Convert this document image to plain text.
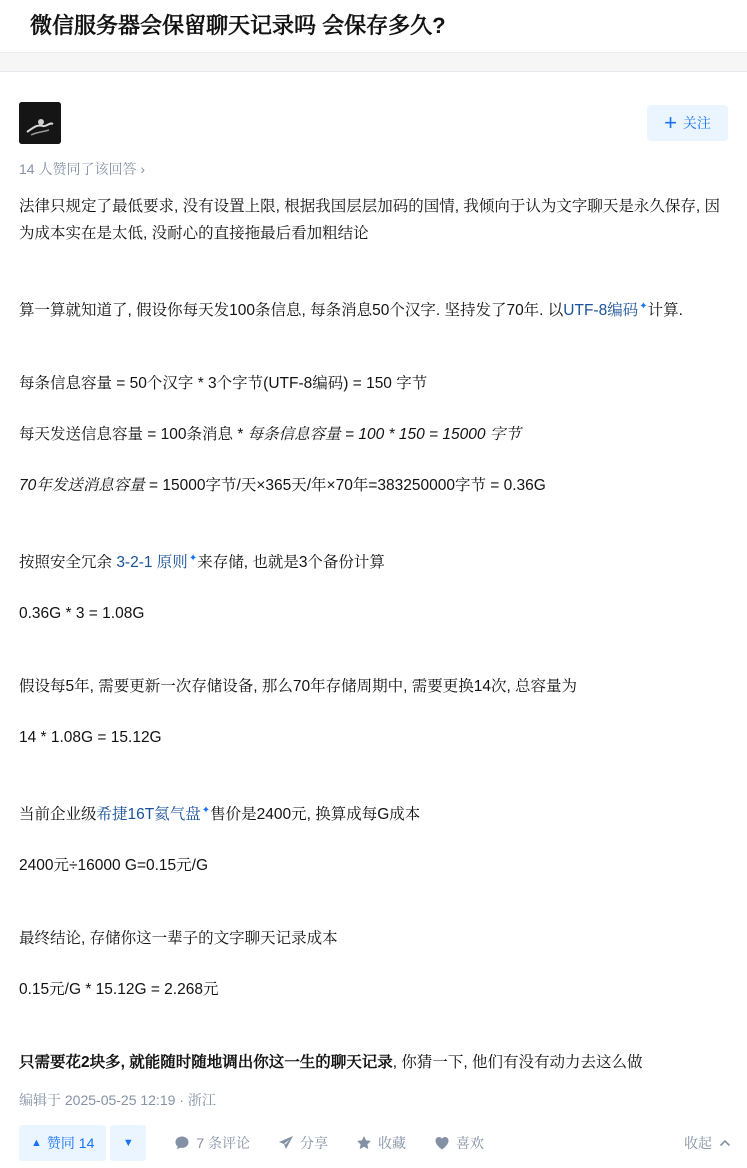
微信服务器会保留聊天记录吗 会保存多久?
+ 关注
14 人赞同了该回答 ›

法律只规定了最低要求, 没有设置上限, 根据我国层层加码的国情, 我倾向于认为文字聊天是永久保存, 因为成本实在是太低, 没耐心的直接拖最后看加粗结论

算一算就知道了, 假设你每天发100条信息, 每条消息50个汉字. 坚持发了70年. 以UTF-8编码✦计算.

每条信息容量 = 50个汉字 * 3个字节(UTF-8编码) = 150 字节

每天发送信息容量 = 100条消息 * 每条信息容量 = 100 * 150 = 15000 字节

70年发送消息容量 = 15000字节/天×365天/年×70年=383250000字节 = 0.36G

按照安全冗余 3-2-1 原则✦来存储, 也就是3个备份计算

0.36G * 3 = 1.08G

假设每5年, 需要更新一次存储设备, 那么70年存储周期中, 需要更换14次, 总容量为

14 * 1.08G = 15.12G

当前企业级希捷16T氦气盘✦售价是2400元, 换算成每G成本

2400元÷16000 G=0.15元/G

最终结论, 存储你这一辈子的文字聊天记录成本

0.15元/G * 15.12G = 2.268元

只需要花2块多, 就能随时随地调出你这一生的聊天记录, 你猜一下, 他们有没有动力去这么做

编辑于 2025-05-25 12:19 · 浙江
▲ 赞同 14	▼	7 条评论	分享	收藏	喜欢	收起
